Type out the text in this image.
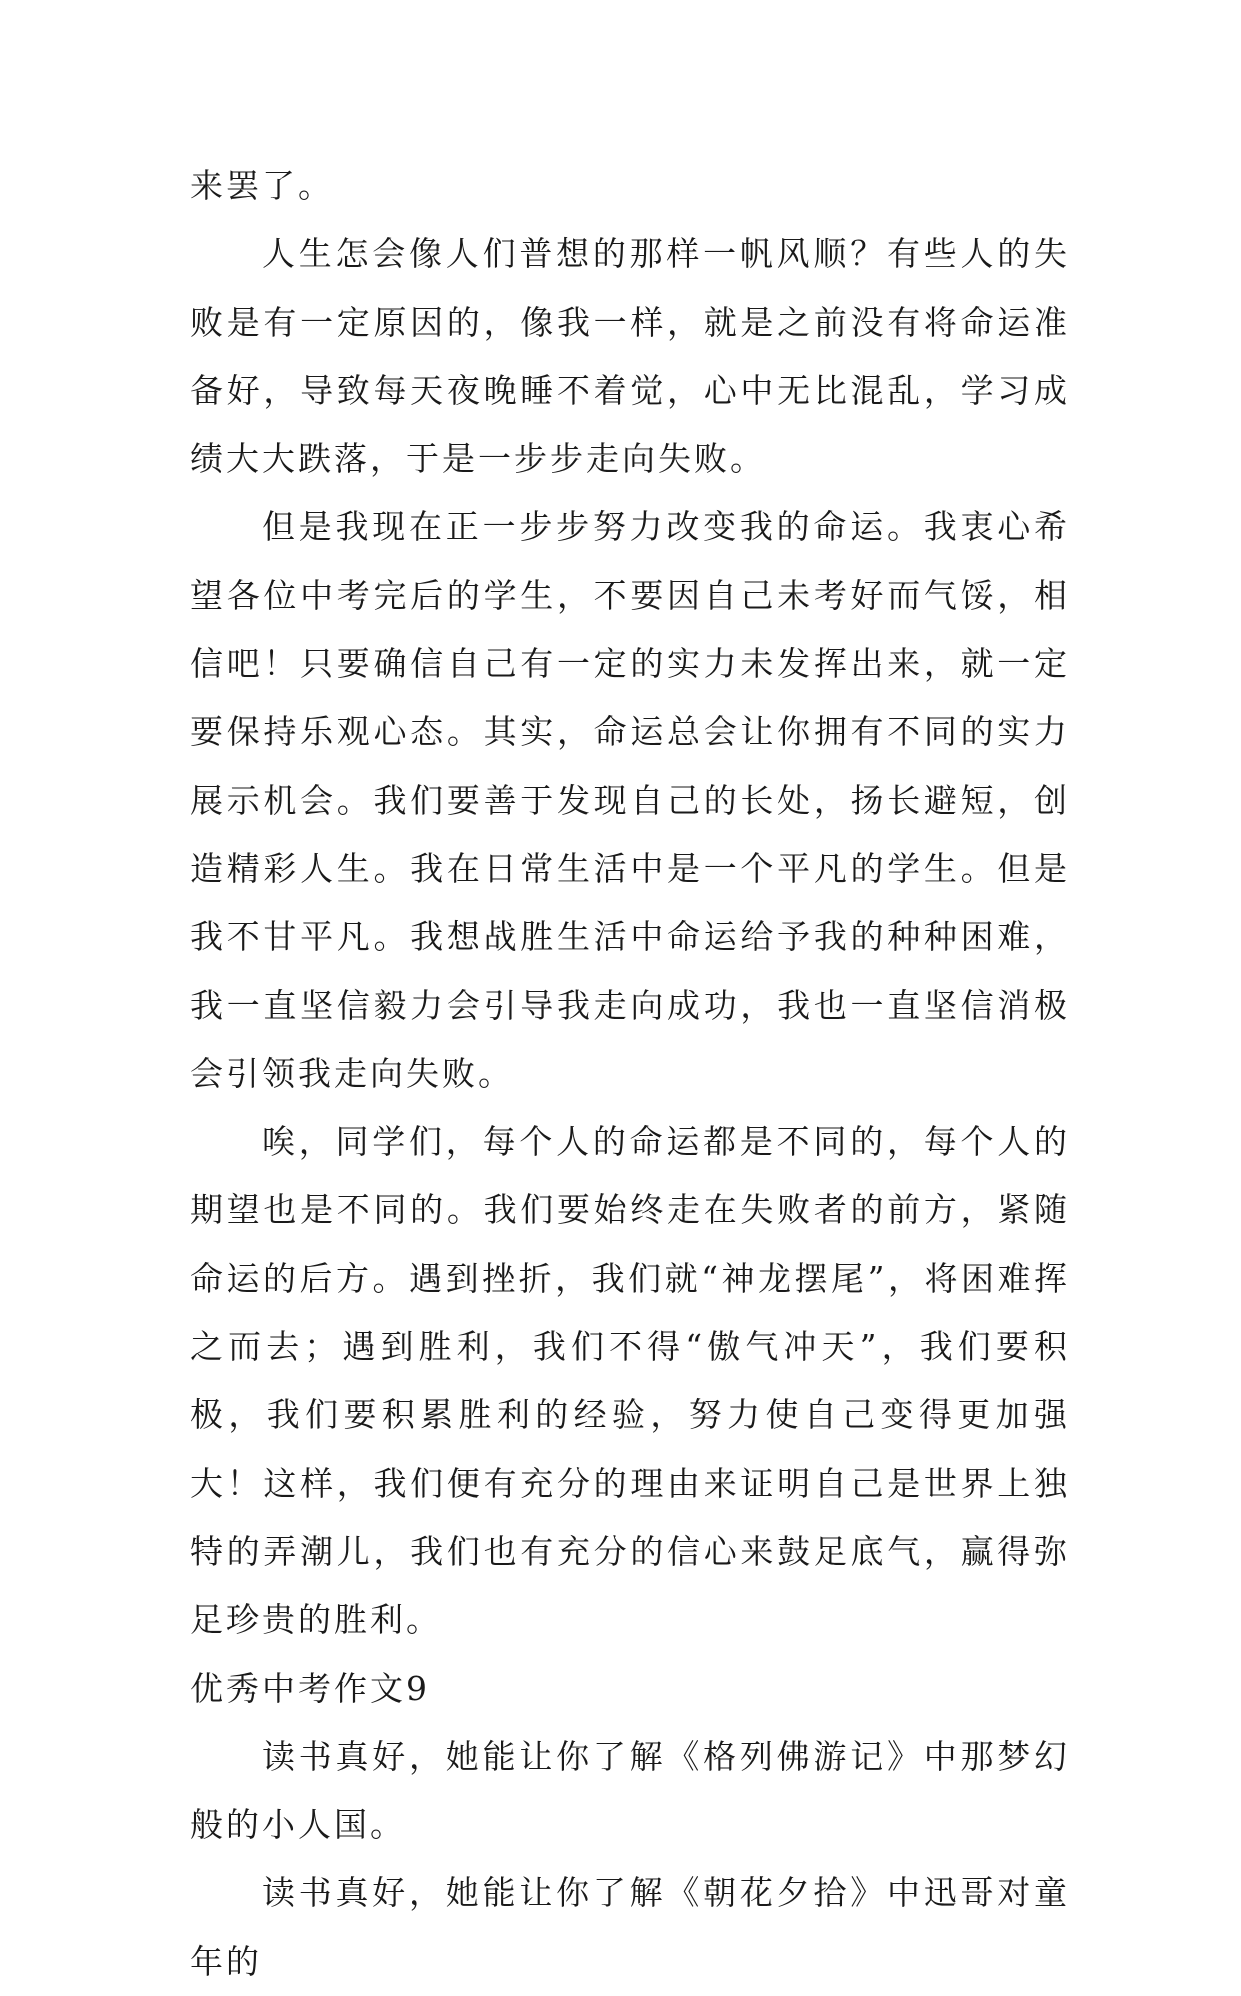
来罢了。

人生怎会像人们普想的那样一帆风顺？有些人的失败是有一定原因的，像我一样，就是之前没有将命运准备好，导致每天夜晚睡不着觉，心中无比混乱，学习成绩大大跌落，于是一步步走向失败。

但是我现在正一步步努力改变我的命运。我衷心希望各位中考完后的学生，不要因自己未考好而气馁，相信吧！只要确信自己有一定的实力未发挥出来，就一定要保持乐观心态。其实，命运总会让你拥有不同的实力展示机会。我们要善于发现自己的长处，扬长避短，创造精彩人生。我在日常生活中是一个平凡的学生。但是我不甘平凡。我想战胜生活中命运给予我的种种困难，我一直坚信毅力会引导我走向成功，我也一直坚信消极会引领我走向失败。

唉，同学们，每个人的命运都是不同的，每个人的期望也是不同的。我们要始终走在失败者的前方，紧随命运的后方。遇到挫折，我们就“神龙摆尾”，将困难挥之而去；遇到胜利，我们不得“傲气冲天”，我们要积极，我们要积累胜利的经验，努力使自己变得更加强大！这样，我们便有充分的理由来证明自己是世界上独特的弄潮儿，我们也有充分的信心来鼓足底气，赢得弥足珍贵的胜利。

优秀中考作文9

读书真好，她能让你了解《格列佛游记》中那梦幻般的小人国。

读书真好，她能让你了解《朝花夕拾》中迅哥对童年的
